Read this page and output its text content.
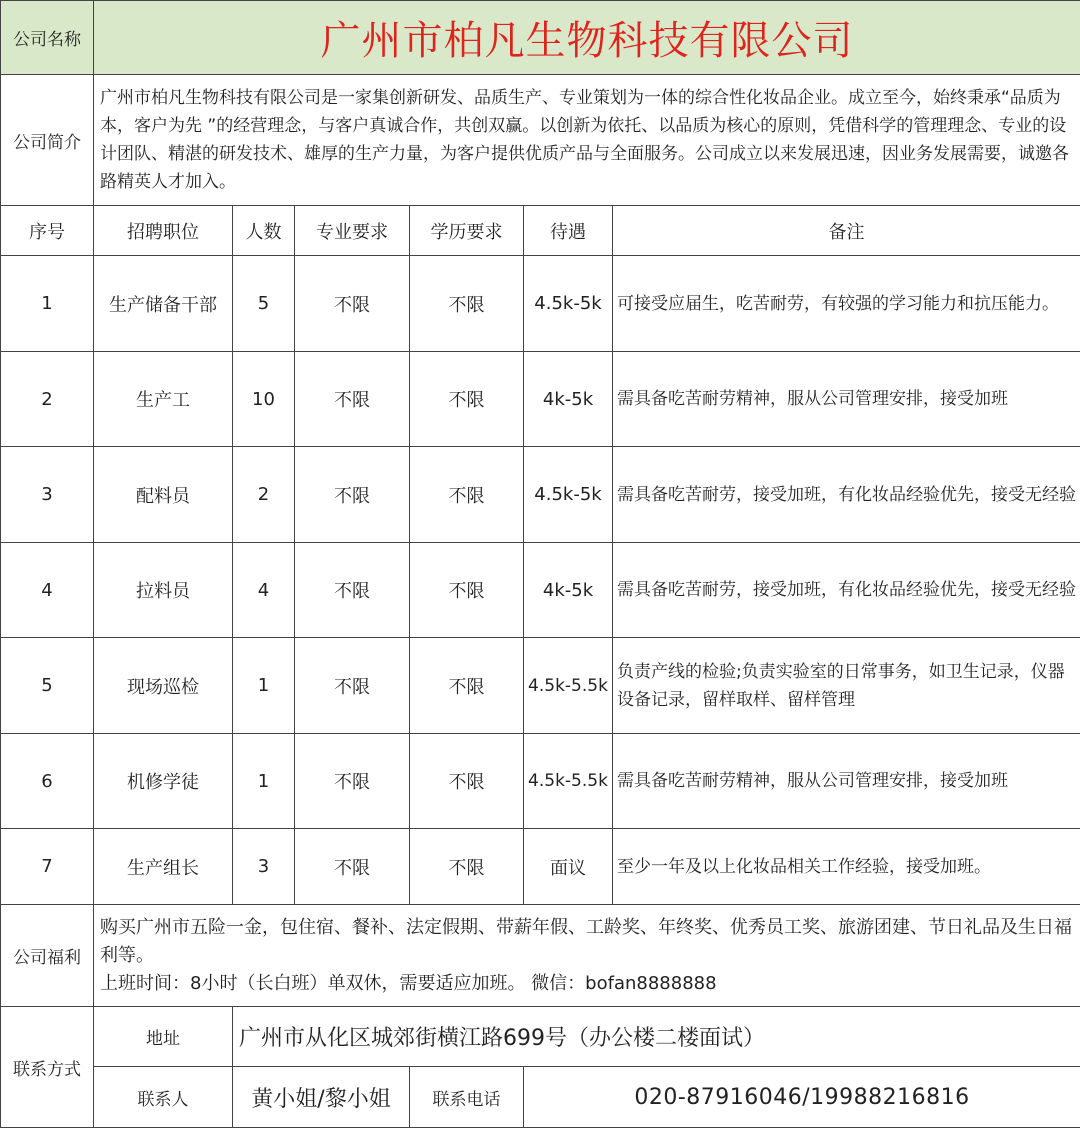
公司名称	广州市柏凡生物科技有限公司					
公司简介	广州市柏凡生物科技有限公司是一家集创新研发、品质生产、专业策划为一体的综合性化妆品企业。成立至今，始终秉承“品质为本，客户为先 ”的经营理念，与客户真诚合作，共创双赢。以创新为依托、以品质为核心的原则，凭借科学的管理理念、专业的设计团队、精湛的研发技术、雄厚的生产力量，为客户提供优质产品与全面服务。公司成立以来发展迅速，因业务发展需要，诚邀各路精英人才加入。					
序号	招聘职位	人数	专业要求	学历要求	待遇	备注
1	生产储备干部	5	不限	不限	4.5k-5k	可接受应届生，吃苦耐劳，有较强的学习能力和抗压能力。
2	生产工	10	不限	不限	4k-5k	需具备吃苦耐劳精神，服从公司管理安排，接受加班
3	配料员	2	不限	不限	4.5k-5k	需具备吃苦耐劳，接受加班，有化妆品经验优先，接受无经验
4	拉料员	4	不限	不限	4k-5k	需具备吃苦耐劳，接受加班，有化妆品经验优先，接受无经验
5	现场巡检	1	不限	不限	4.5k-5.5k	负责产线的检验;负责实验室的日常事务，如卫生记录，仪器设备记录，留样取样、留样管理
6	机修学徒	1	不限	不限	4.5k-5.5k	需具备吃苦耐劳精神，服从公司管理安排，接受加班
7	生产组长	3	不限	不限	面议	至少一年及以上化妆品相关工作经验，接受加班。
公司福利	购买广州市五险一金，包住宿、餐补、法定假期、带薪年假、工龄奖、年终奖、优秀员工奖、旅游团建、节日礼品及生日福利等。
上班时间：8小时（长白班）单双休，需要适应加班。 微信：bofan8888888					

联系方式	地址	广州市从化区城郊街横江路699号（办公楼二楼面试）				
	联系人	黄小姐/黎小姐		联系电话	020-87916046/19988216816	
